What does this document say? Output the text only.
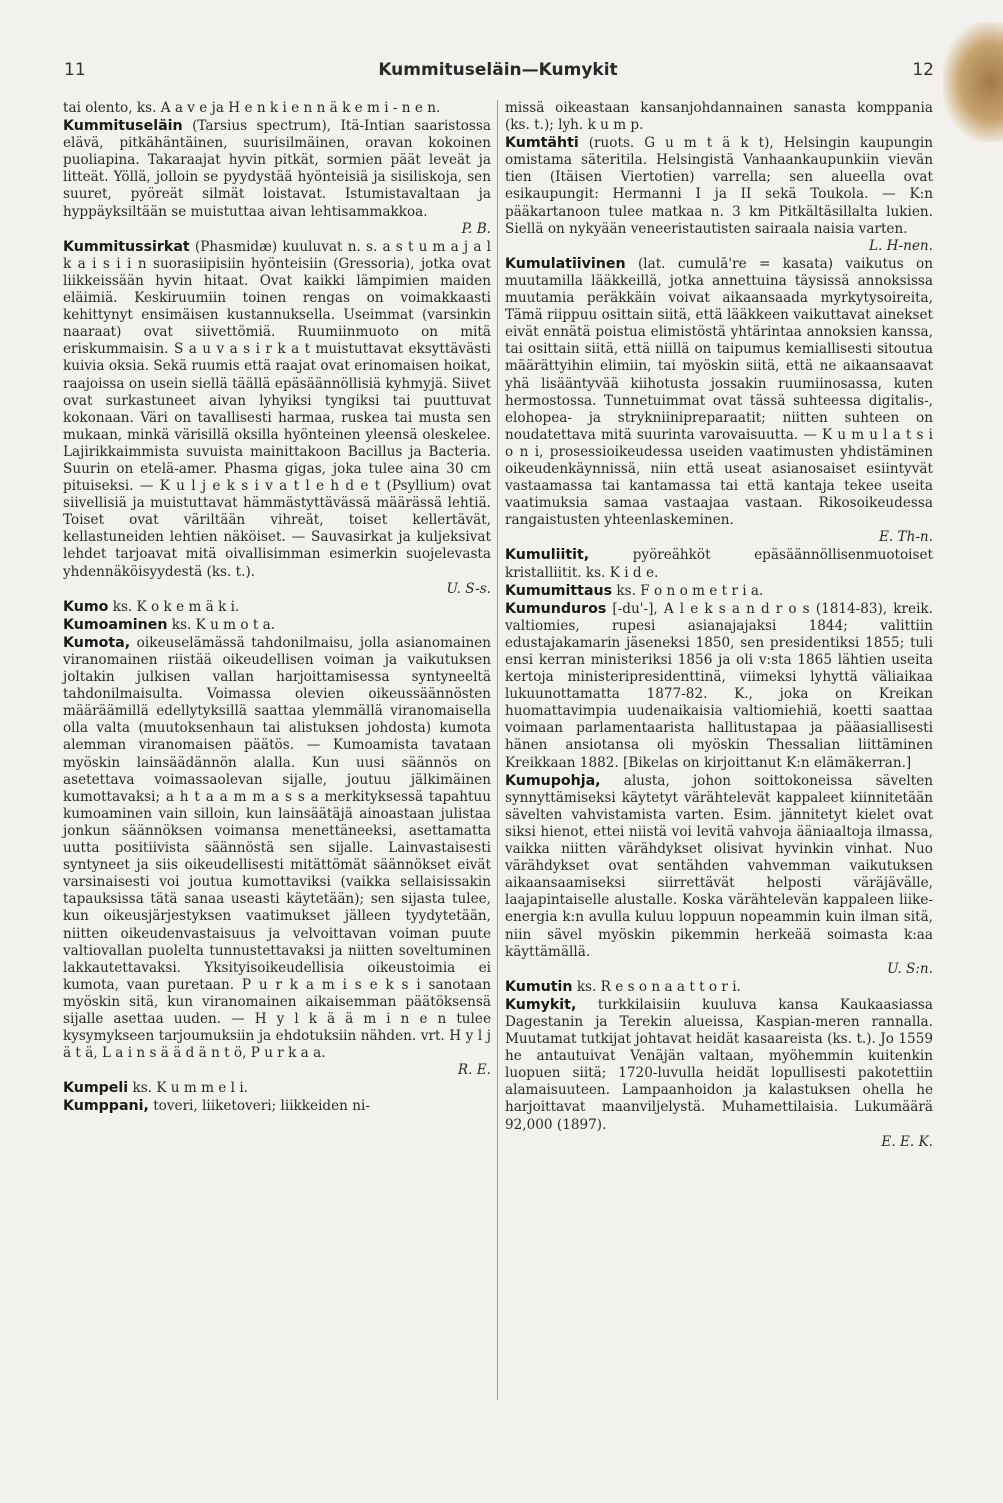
11	Kummituseläin—Kumykit	12

tai olento, ks. A a v e ja H e n k i e n n ä k e m i - n e n.

Kummituseläin (Tarsius spectrum), Itä-Intian saaristossa elävä, pitkähäntäinen, suurisilmäinen, oravan kokoinen puoliapina. Takaraajat hyvin pitkät, sormien päät leveät ja litteät. Yöllä, jolloin se pyydystää hyönteisiä ja sisiliskoja, sen suuret, pyöreät silmät loistavat. Istumistavaltaan ja hyppäyksiltään se muistuttaa aivan lehtisammakkoa.
P. B.

Kummitussirkat (Phasmidæ) kuuluvat n. s. a s t u m a j a l k a i s i i n suorasiipisiin hyönteisiin (Gressoria), jotka ovat liikkeissään hyvin hitaat. Ovat kaikki lämpimien maiden eläimiä. Keskiruumiin toinen rengas on voimakkaasti kehittynyt ensimäisen kustannuksella. Useimmat (varsinkin naaraat) ovat siivettömiä. Ruumiinmuoto on mitä eriskummaisin. S a u v a s i r k a t muistuttavat eksyttävästi kuivia oksia. Sekä ruumis että raajat ovat erinomaisen hoikat, raajoissa on usein siellä täällä epäsäännöllisiä kyhmyjä. Siivet ovat surkastuneet aivan lyhyiksi tyngiksi tai puuttuvat kokonaan. Väri on tavallisesti harmaa, ruskea tai musta sen mukaan, minkä värisillä oksilla hyönteinen yleensä oleskelee. Lajirikkaimmista suvuista mainittakoon Bacillus ja Bacteria. Suurin on etelä-amer. Phasma gigas, joka tulee aina 30 cm pituiseksi. — K u l j e k s i v a t l e h d e t (Psyllium) ovat siivellisiä ja muistuttavat hämmästyttävässä määrässä lehtiä. Toiset ovat väriltään vihreät, toiset kellertävät, kellastuneiden lehtien näköiset. — Sauvasirkat ja kuljeksivat lehdet tarjoavat mitä oivallisimman esimerkin suojelevasta yhdennäköisyydestä (ks. t.).
U. S-s.

Kumo ks. K o k e m ä k i.

Kumoaminen ks. K u m o t a.

Kumota, oikeuselämässä tahdonilmaisu, jolla asianomainen viranomainen riistää oikeudellisen voiman ja vaikutuksen joltakin julkisen vallan harjoittamisessa syntyneeltä tahdonilmaisulta. Voimassa olevien oikeussäännösten määräämillä edellytyksillä saattaa ylemmällä viranomaisella olla valta (muutoksenhaun tai alistuksen johdosta) kumota alemman viranomaisen päätös. — Kumoamista tavataan myöskin lainsäädännön alalla. Kun uusi säännös on asetettava voimassaolevan sijalle, joutuu jälkimäinen kumottavaksi; a h t a a m m a s s a merkityksessä tapahtuu kumoaminen vain silloin, kun lainsäätäjä ainoastaan julistaa jonkun säännöksen voimansa menettäneeksi, asettamatta uutta positiivista säännöstä sen sijalle. Lainvastaisesti syntyneet ja siis oikeudellisesti mitättömät säännökset eivät varsinaisesti voi joutua kumottaviksi (vaikka sellaisissakin tapauksissa tätä sanaa useasti käytetään); sen sijasta tulee, kun oikeusjärjestyksen vaatimukset jälleen tyydytetään, niitten oikeudenvastaisuus ja velvoittavan voiman puute valtiovallan puolelta tunnustettavaksi ja niitten soveltuminen lakkautettavaksi. Yksityisoikeudellisia oikeustoimia ei kumota, vaan puretaan. P u r k a m i s e k s i sanotaan myöskin sitä, kun viranomainen aikaisemman päätöksensä sijalle asettaa uuden. — H y l k ä ä m i n e n tulee kysymykseen tarjoumuksiin ja ehdotuksiin nähden. vrt. H y l j ä t ä, L a i n s ä ä d ä n t ö, P u r k a a.
R. E.

Kumpeli ks. K u m m e l i.

Kumppani, toveri, liiketoveri; liikkeiden ni-

missä oikeastaan kansanjohdannainen sanasta komppania (ks. t.); lyh. k u m p.

Kumtähti (ruots. G u m t ä k t), Helsingin kaupungin omistama säteritila. Helsingistä Vanhaankaupunkiin vievän tien (Itäisen Viertotien) varrella; sen alueella ovat esikaupungit: Hermanni I ja II sekä Toukola. — K:n pääkartanoon tulee matkaa n. 3 km Pitkältäsillalta lukien. Siellä on nykyään veneeristautisten sairaala naisia varten.
L. H-nen.

Kumulatiivinen (lat. cumulā're = kasata) vaikutus on muutamilla lääkkeillä, jotka annettuina täysissä annoksissa muutamia peräkkäin voivat aikaansaada myrkytysoireita, Tämä riippuu osittain siitä, että lääkkeen vaikuttavat ainekset eivät ennätä poistua elimistöstä yhtärintaa annoksien kanssa, tai osittain siitä, että niillä on taipumus kemiallisesti sitoutua määrättyihin elimiin, tai myöskin siitä, että ne aikaansaavat yhä lisääntyvää kiihotusta jossakin ruumiinosassa, kuten hermostossa. Tunnetuimmat ovat tässä suhteessa digitalis-, elohopea- ja strykniinipreparaatit; niitten suhteen on noudatettava mitä suurinta varovaisuutta. — K u m u l a t s i o n i, prosessioikeudessa useiden vaatimusten yhdistäminen oikeudenkäynnissä, niin että useat asianosaiset esiintyvät vastaamassa tai kantamassa tai että kantaja tekee useita vaatimuksia samaa vastaajaa vastaan. Rikosoikeudessa rangaistusten yhteenlaskeminen.
E. Th-n.

Kumuliitit,	pyöreähköt epäsäännöllisenmuotoiset kristalliitit. ks. K i d e.

Kumumittaus ks. F o n o m e t r i a.

Kumunduros [-du'-], A l e k s a n d r o s (1814-83), kreik. valtiomies, rupesi asianajajaksi 1844; valittiin edustajakamarin jäseneksi 1850, sen presidentiksi 1855; tuli ensi kerran ministeriksi 1856 ja oli v:sta 1865 lähtien useita kertoja ministeripresidenttinä, viimeksi lyhyttä väliaikaa lukuunottamatta 1877-82. K., joka on Kreikan huomattavimpia uudenaikaisia valtiomiehiä, koetti saattaa voimaan parlamentaarista hallitustapaa ja pääasiallisesti hänen ansiotansa oli myöskin Thessalian liittäminen Kreikkaan 1882. [Bikelas on kirjoittanut K:n elämäkerran.]

Kumupohja, alusta, johon soittokoneissa sävelten synnyttämiseksi käytetyt värähtelevät kappaleet kiinnitetään sävelten vahvistamista varten. Esim. jännitetyt kielet ovat siksi hienot, ettei niistä voi levitä vahvoja ääniaaltoja ilmassa, vaikka niitten värähdykset olisivat hyvinkin vinhat. Nuo värähdykset ovat sentähden vahvemman vaikutuksen aikaansaamiseksi siirrettävät helposti väräjävälle, laajapintaiselle alustalle. Koska värähtelevän kappaleen liike-energia k:n avulla kuluu loppuun nopeammin kuin ilman sitä, niin sävel myöskin pikemmin herkeää soimasta k:aa käyttämällä.
U. S:n.

Kumutin ks. R e s o n a a t t o r i.

Kumykit, turkkilaisiin kuuluva kansa Kaukaasiassa Dagestanin ja Terekin alueissa, Kaspian-meren rannalla. Muutamat tutkijat johtavat heidät kasaareista (ks. t.). Jo 1559 he antautuivat Venäjän valtaan, myöhemmin kuitenkin luopuen siitä; 1720-luvulla heidät lopullisesti pakotettiin alamaisuuteen. Lampaanhoidon ja kalastuksen ohella he harjoittavat maanviljelystä. Muhamettilaisia. Lukumäärä 92,000 (1897).
E. E. K.
